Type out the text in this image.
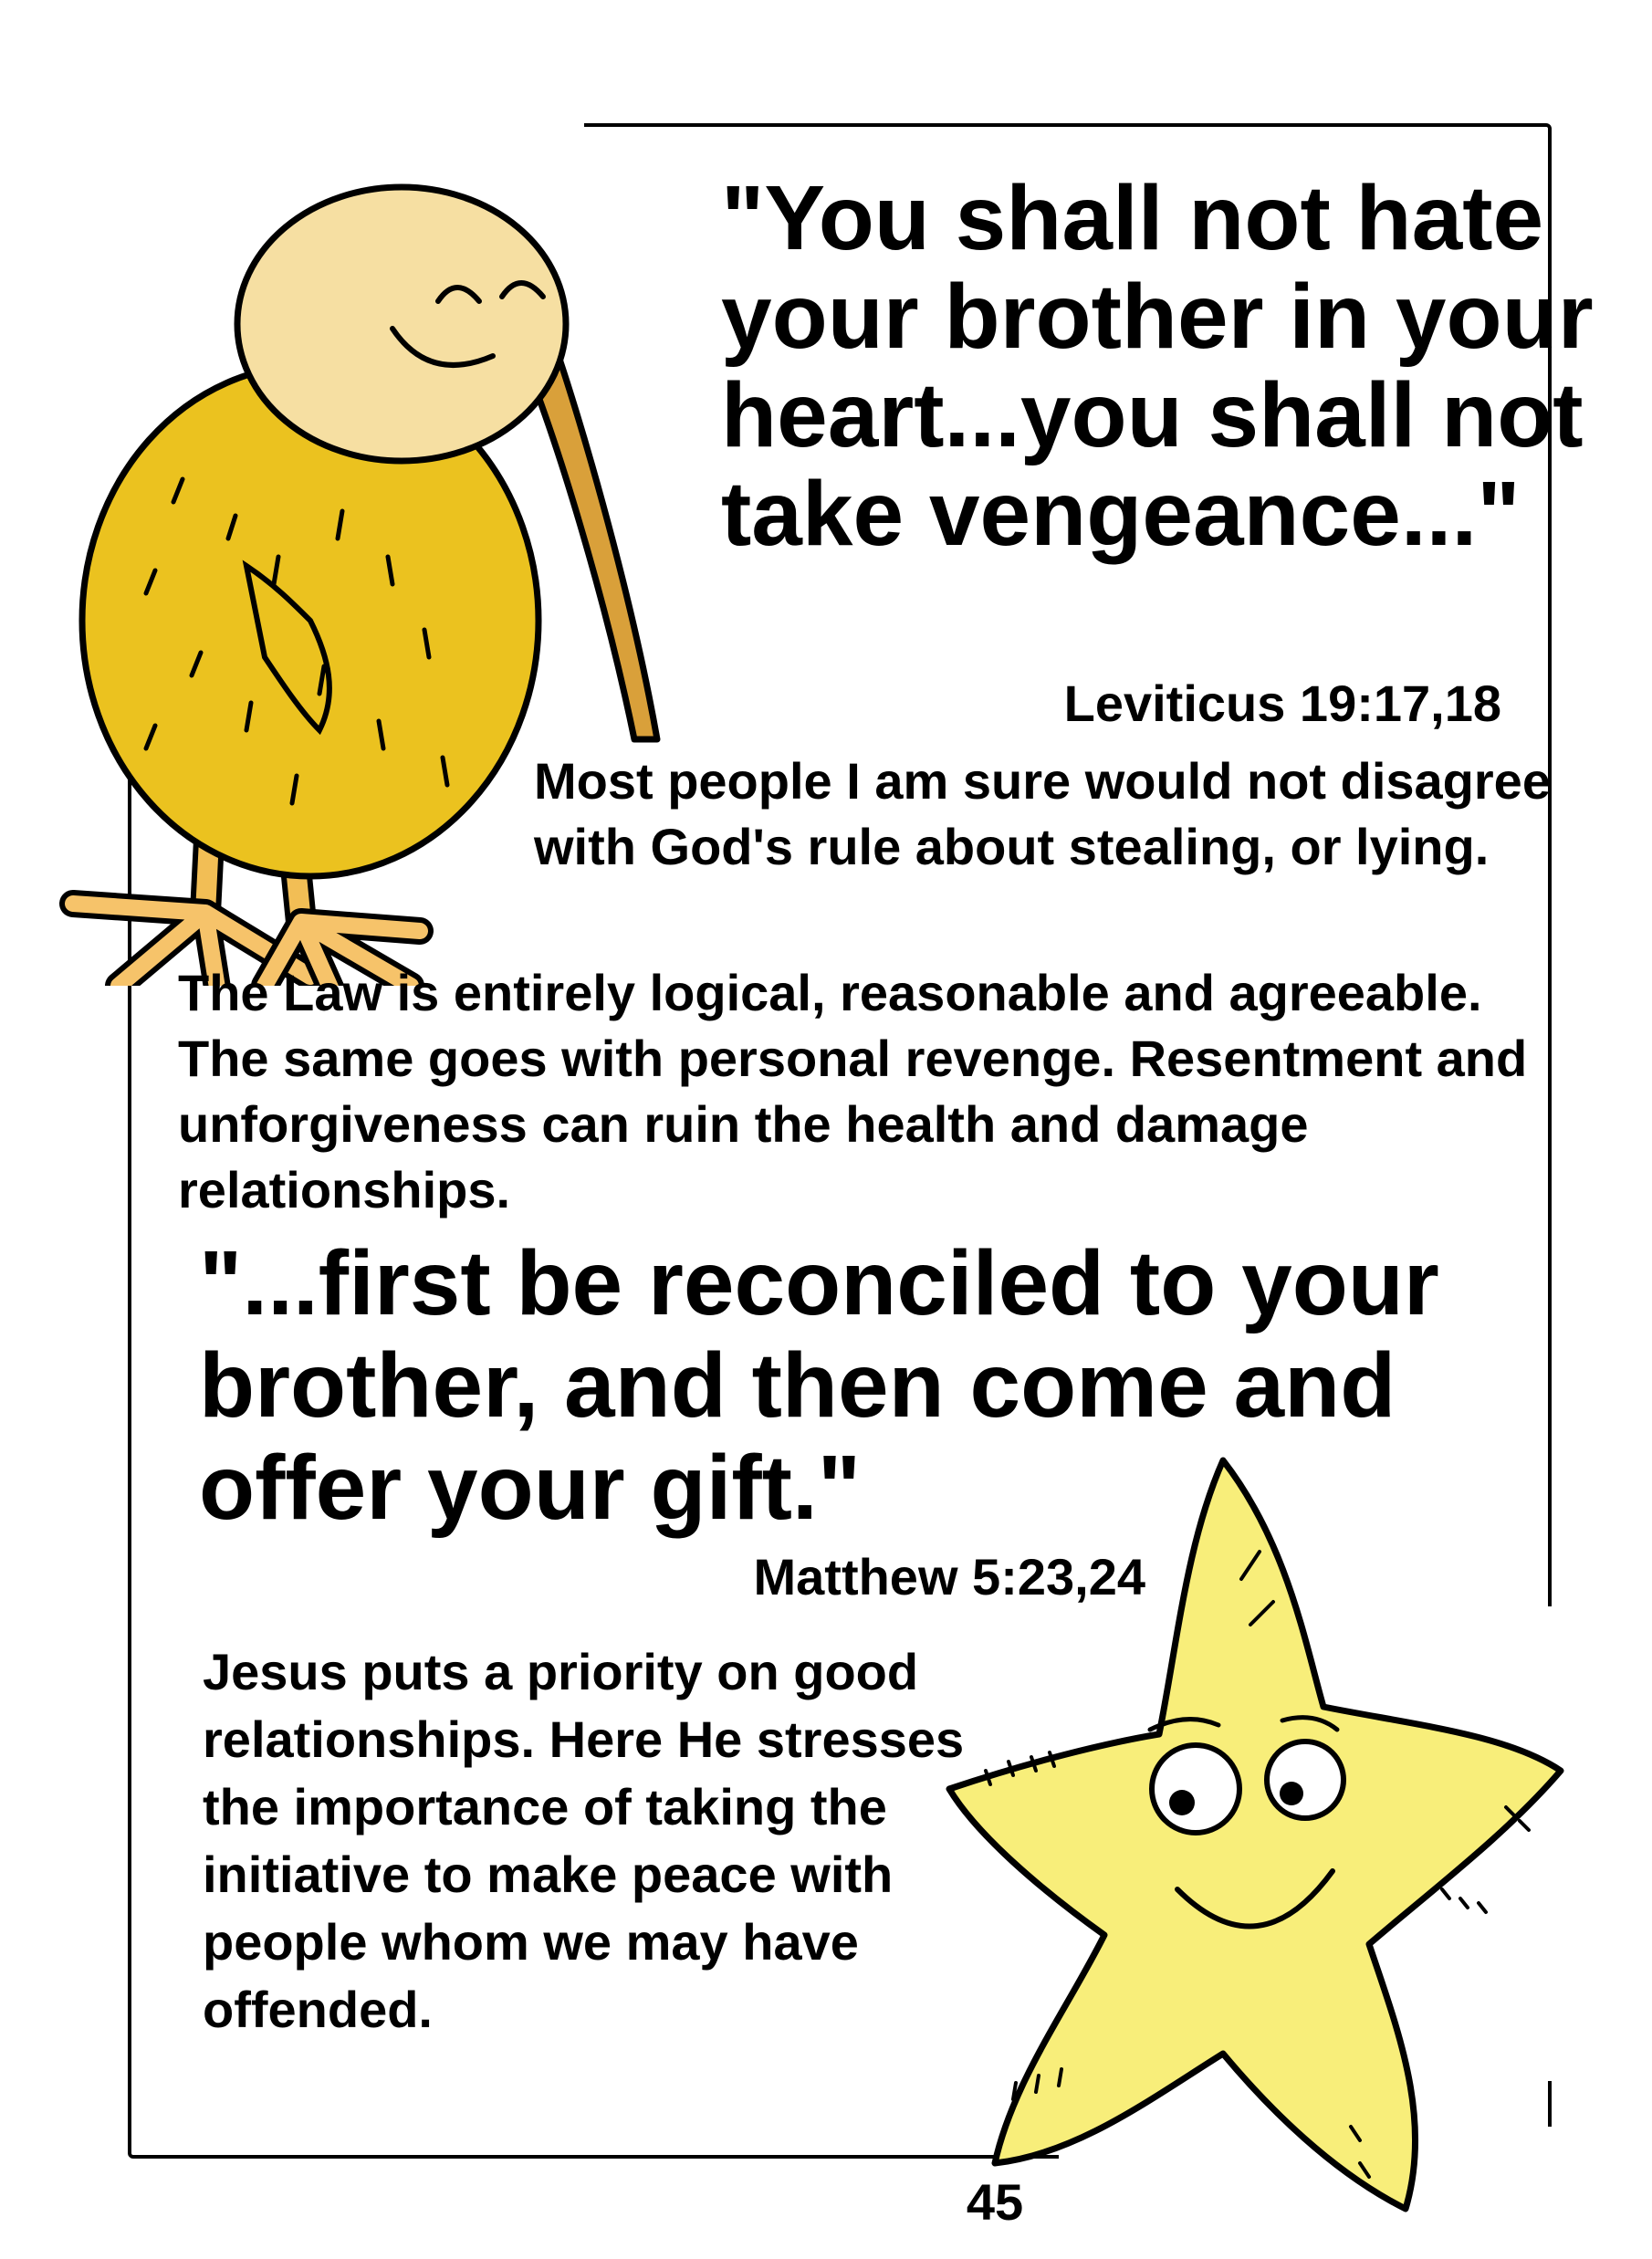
"You shall not hate your brother in your heart...you shall not take vengeance..."
Leviticus 19:17,18
Most people I am sure would not disagree with God's rule about stealing, or lying.
The Law is entirely logical, reasonable and agreeable. The same goes with personal revenge. Resentment and unforgiveness can ruin the health and damage relationships.
"...first be reconciled to your brother, and then come and offer your gift."
Matthew 5:23,24
Jesus puts a priority on good relationships. Here He stresses the importance of taking the initiative to make peace with people whom we may have offended.
45
